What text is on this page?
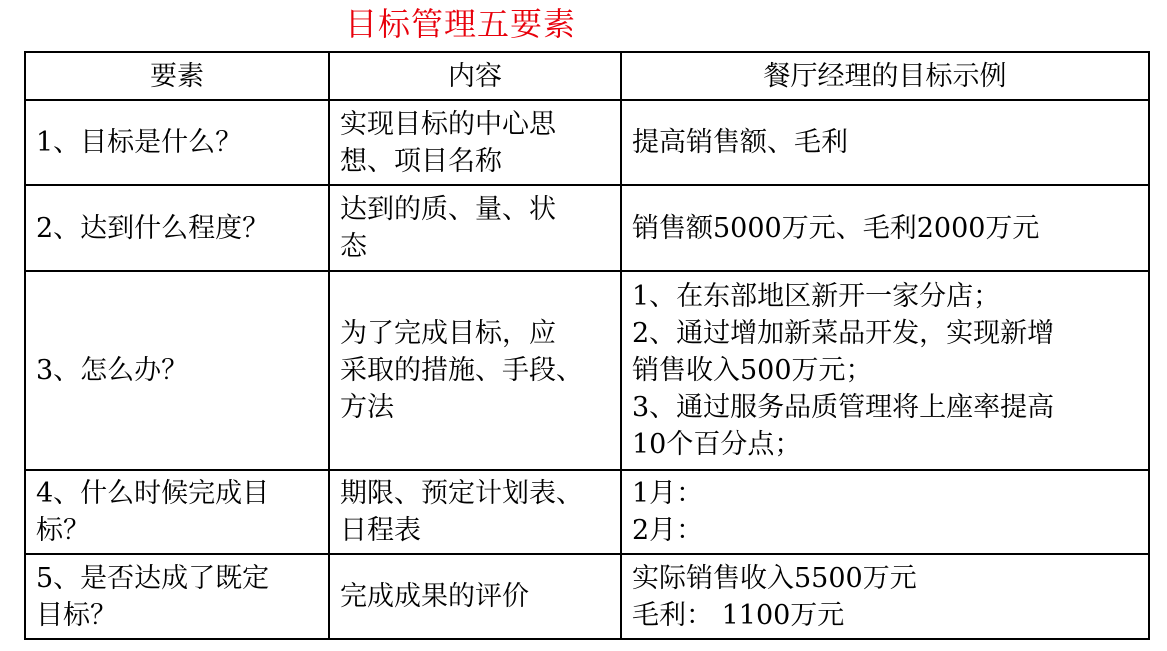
目标管理五要素
要素	内容	餐厅经理的目标示例

1、目标是什么？	实现目标的中心思
想、项目名称	提高销售额、毛利

2、达到什么程度？	达到的质、量、状
态	销售额5000万元、毛利2000万元

3、怎么办？	为了完成目标，应
采取的措施、手段、
方法	1、在东部地区新开一家分店；
2、通过增加新菜品开发，实现新增
销售收入500万元；
3、通过服务品质管理将上座率提高
10个百分点；

4、什么时候完成目
标？	期限、预定计划表、
日程表	1月：
2月：

5、是否达成了既定
目标？	完成成果的评价	实际销售收入5500万元
毛利： 1100万元
